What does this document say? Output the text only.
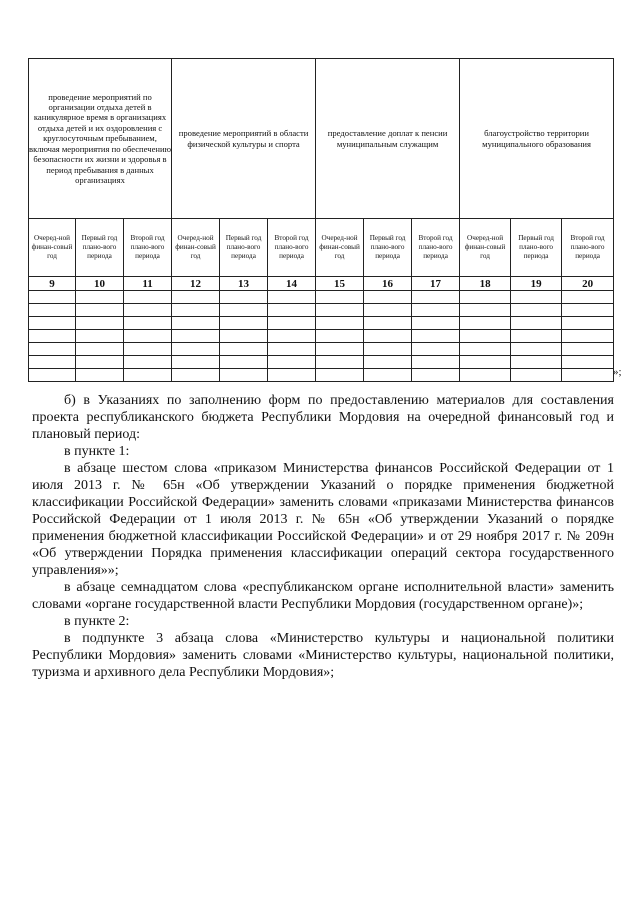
проведение мероприятий по организации отдыха детей в каникулярное время в организациях отдыха детей и их оздоровления с круглосуточным пребыванием, включая мероприятия по обеспечению безопасности их жизни и здоровья в период пребывания в данных организациях			проведение мероприятий в области физической культуры и спорта			предоставление доплат к пенсии муниципальным служащим			благоустройство территории муниципального образования		
Очеред-ной финан-совый год	Первый год плано-вого периода	Второй год плано-вого периода	Очеред-ной финан-совый год	Первый год плано-вого периода	Второй год плано-вого периода	Очеред-ной финан-совый год	Первый год плано-вого периода	Второй год плано-вого периода	Очеред-ной финан-совый год	Первый год плано-вого периода	Второй год плано-вого периода
9	10	11	12	13	14	15	16	17	18	19	20

»;

б) в Указаниях по заполнению форм по предоставлению материалов для составления проекта республиканского бюджета Республики Мордовия на очередной финансовый год и плановый период:

в пункте 1:

в абзаце шестом слова «приказом Министерства финансов Российской Федерации от 1 июля 2013 г. № 65н «Об утверждении Указаний о порядке применения бюджетной классификации Российской Федерации» заменить словами «приказами Министерства финансов Российской Федерации от 1 июля 2013 г. № 65н «Об утверждении Указаний о порядке применения бюджетной классификации Российской Федерации» и от 29 ноября 2017 г. № 209н «Об утверждении Порядка применения классификации операций сектора государственного управления»»;

в абзаце семнадцатом слова «республиканском органе исполнительной власти» заменить словами «органе государственной власти Республики Мордовия (государственном органе)»;

в пункте 2:

в подпункте 3 абзаца слова «Министерство культуры и национальной политики Республики Мордовия» заменить словами «Министерство культуры, национальной политики, туризма и архивного дела Республики Мордовия»;
